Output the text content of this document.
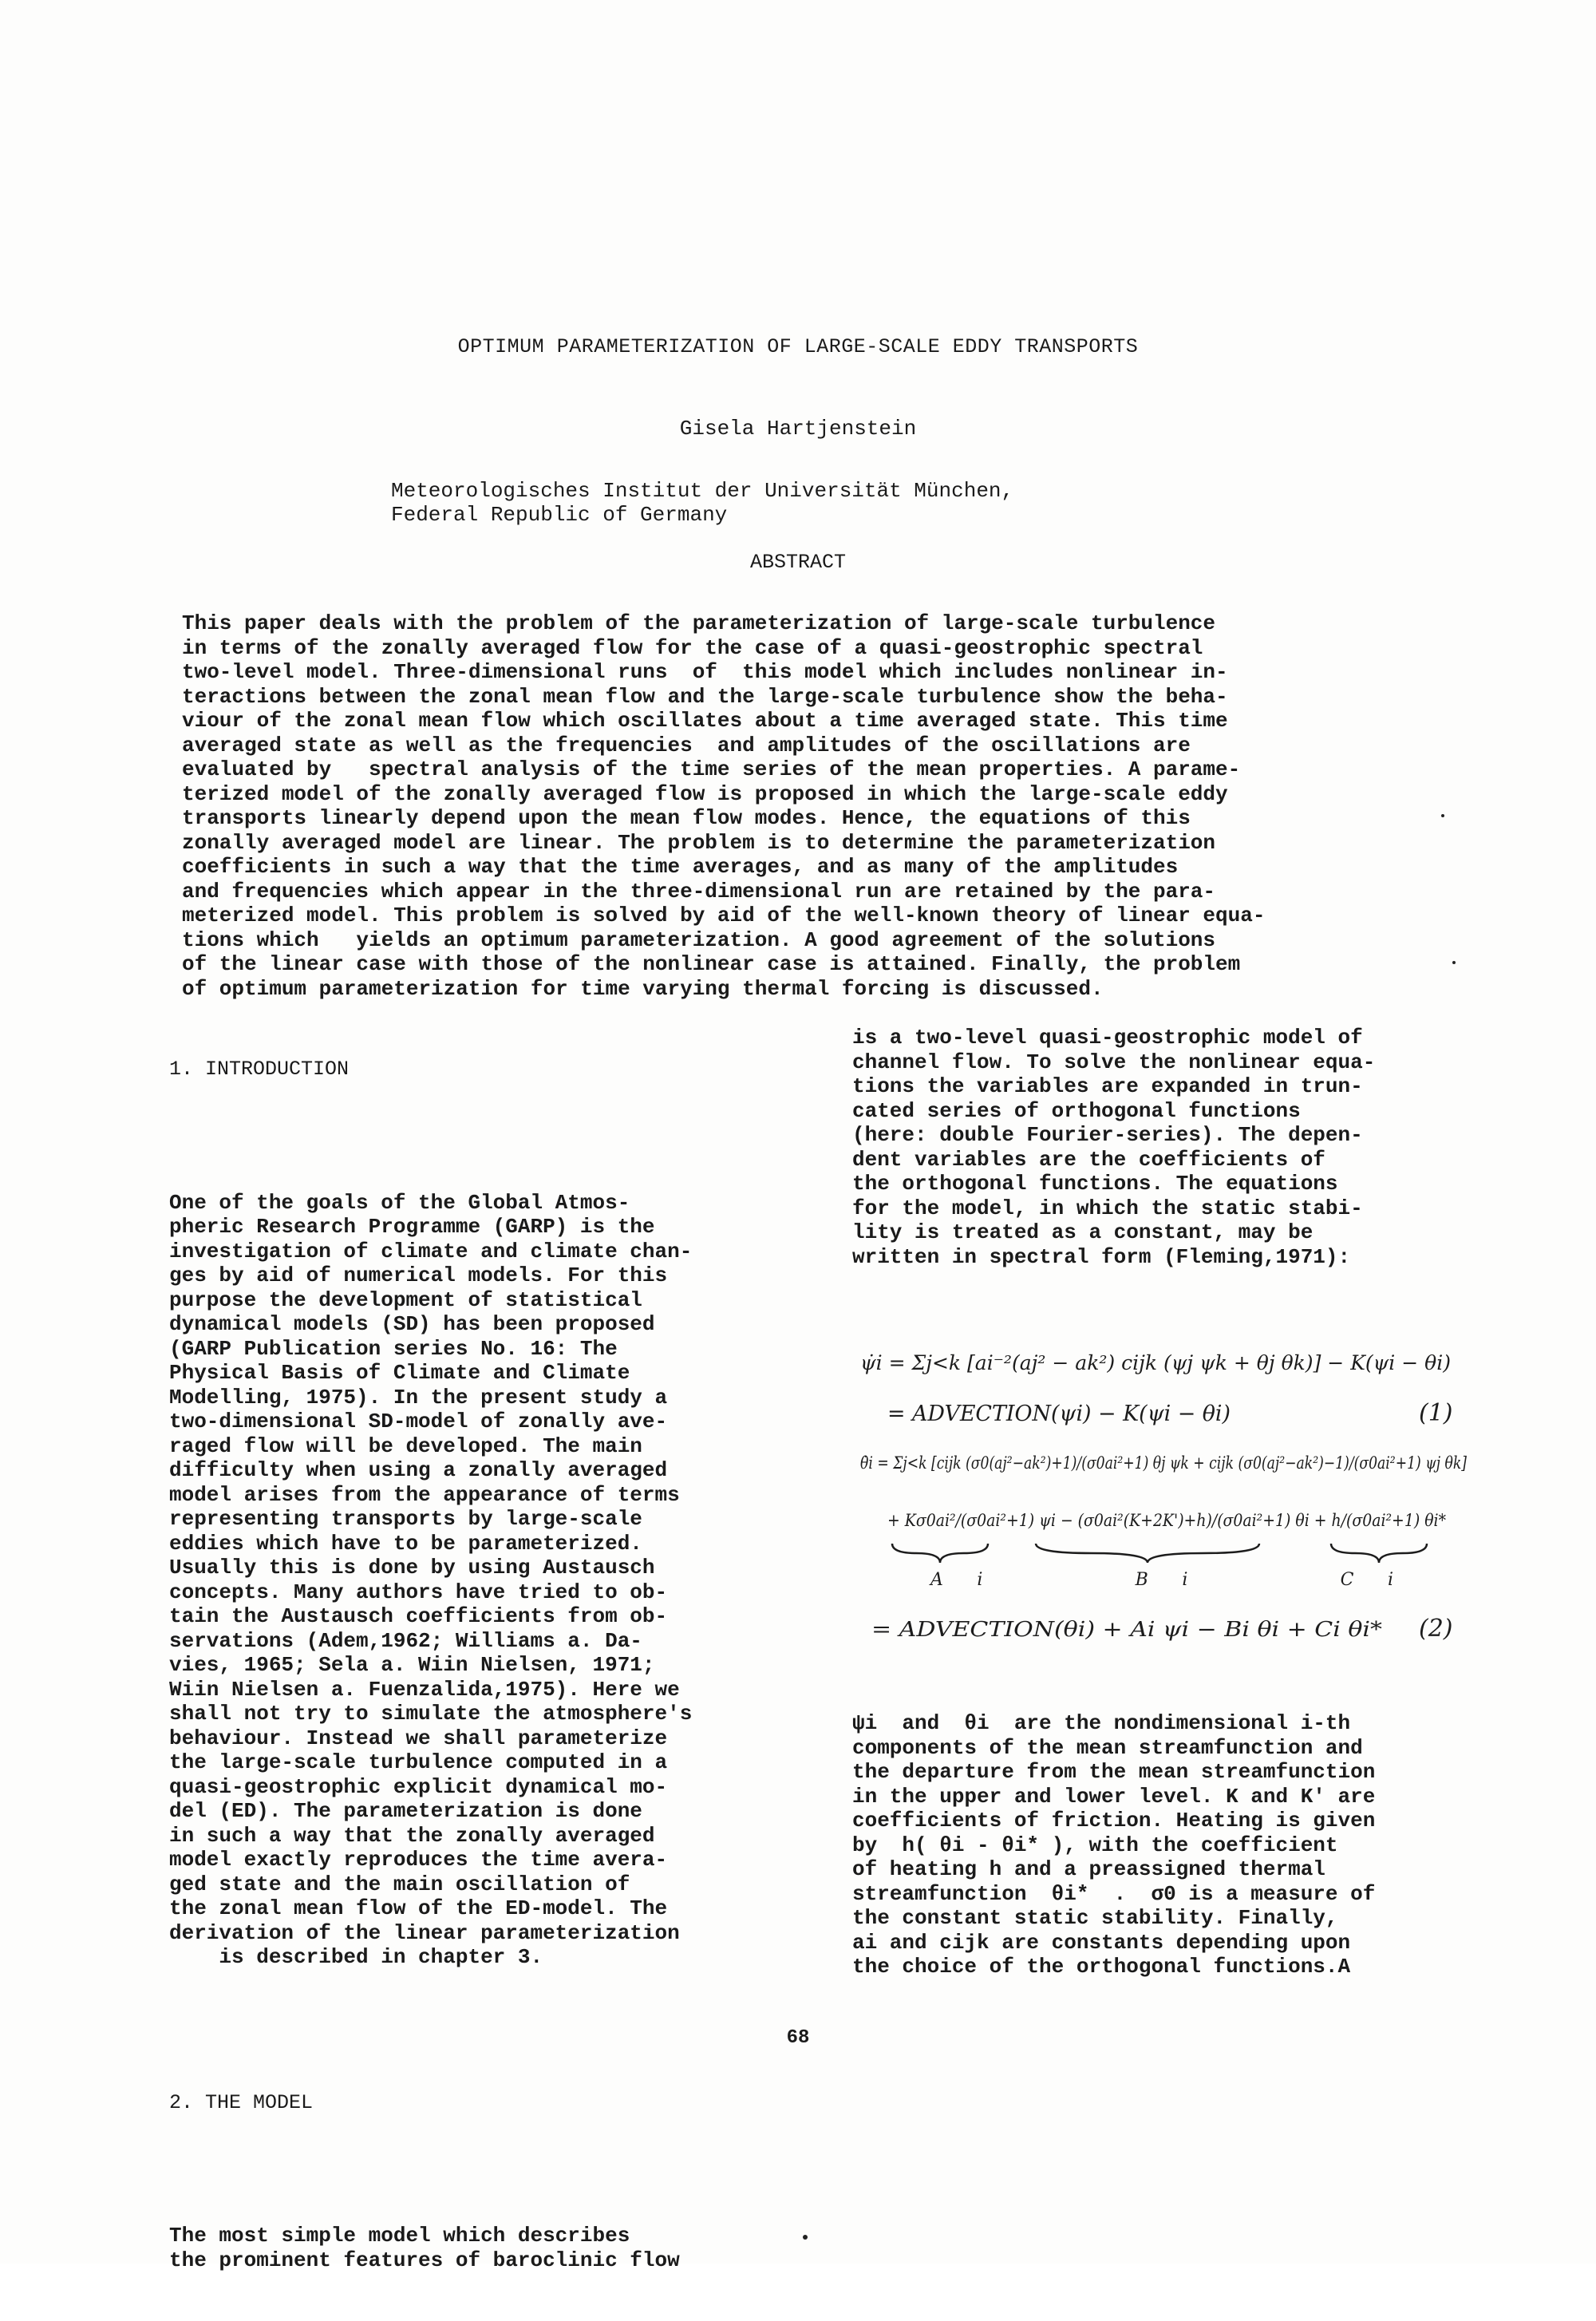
OPTIMUM PARAMETERIZATION OF LARGE-SCALE EDDY TRANSPORTS
Gisela Hartjenstein
Meteorologisches Institut der Universität München,
Federal Republic of Germany
ABSTRACT
This paper deals with the problem of the parameterization of large-scale turbulence
in terms of the zonally averaged flow for the case of a quasi-geostrophic spectral
two-level model. Three-dimensional runs  of  this model which includes nonlinear in-
teractions between the zonal mean flow and the large-scale turbulence show the beha-
viour of the zonal mean flow which oscillates about a time averaged state. This time
averaged state as well as the frequencies  and amplitudes of the oscillations are
evaluated by   spectral analysis of the time series of the mean properties. A parame-
terized model of the zonally averaged flow is proposed in which the large-scale eddy
transports linearly depend upon the mean flow modes. Hence, the equations of this
zonally averaged model are linear. The problem is to determine the parameterization
coefficients in such a way that the time averages, and as many of the amplitudes
and frequencies which appear in the three-dimensional run are retained by the para-
meterized model. This problem is solved by aid of the well-known theory of linear equa-
tions which   yields an optimum parameterization. A good agreement of the solutions
of the linear case with those of the nonlinear case is attained. Finally, the problem
of optimum parameterization for time varying thermal forcing is discussed.

1. INTRODUCTION

One of the goals of the Global Atmos-
pheric Research Programme (GARP) is the
investigation of climate and climate chan-
ges by aid of numerical models. For this
purpose the development of statistical
dynamical models (SD) has been proposed
(GARP Publication series No. 16: The
Physical Basis of Climate and Climate
Modelling, 1975). In the present study a
two-dimensional SD-model of zonally ave-
raged flow will be developed. The main
difficulty when using a zonally averaged
model arises from the appearance of terms
representing transports by large-scale
eddies which have to be parameterized.
Usually this is done by using Austausch
concepts. Many authors have tried to ob-
tain the Austausch coefficients from ob-
servations (Adem,1962; Williams a. Da-
vies, 1965; Sela a. Wiin Nielsen, 1971;
Wiin Nielsen a. Fuenzalida,1975). Here we
shall not try to simulate the atmosphere's
behaviour. Instead we shall parameterize
the large-scale turbulence computed in a
quasi-geostrophic explicit dynamical mo-
del (ED). The parameterization is done
in such a way that the zonally averaged
model exactly reproduces the time avera-
ged state and the main oscillation of
the zonal mean flow of the ED-model. The
derivation of the linear parameterization
is described in chapter 3.

2. THE MODEL

The most simple model which describes
the prominent features of baroclinic flow

is a two-level quasi-geostrophic model of
channel flow. To solve the nonlinear equa-
tions the variables are expanded in trun-
cated series of orthogonal functions
(here: double Fourier-series). The depen-
dent variables are the coefficients of
the orthogonal functions. The equations
for the model, in which the static stabi-
lity is treated as a constant, may be
written in spectral form (Fleming,1971):
ψ̇i = Σj<k [ai⁻²(aj² − ak²) cijk (ψj ψk + θj θk)] − K(ψi − θi)
= ADVECTION(ψi) − K(ψi − θi)	(1)
θ̇i = Σj<k [cijk (σ0(aj²−ak²)+1)/(σ0ai²+1) θj ψk + cijk (σ0(aj²−ak²)−1)/(σ0ai²+1) ψj θk]
+ Kσ0ai²/(σ0ai²+1) ψi − (σ0ai²(K+2K')+h)/(σ0ai²+1) θi + h/(σ0ai²+1) θi*
Ai   Bi   Ci
= ADVECTION(θi) + Ai ψi − Bi θi + Ci θi* (2)
ψi  and  θi  are the nondimensional i-th
components of the mean streamfunction and
the departure from the mean streamfunction
in the upper and lower level. K and K' are
coefficients of friction. Heating is given
by  h( θi - θi* ), with the coefficient
of heating h and a preassigned thermal
streamfunction  θi*  .  σ0 is a measure of
the constant static stability. Finally,
ai and cijk are constants depending upon
the choice of the orthogonal functions.A
68
